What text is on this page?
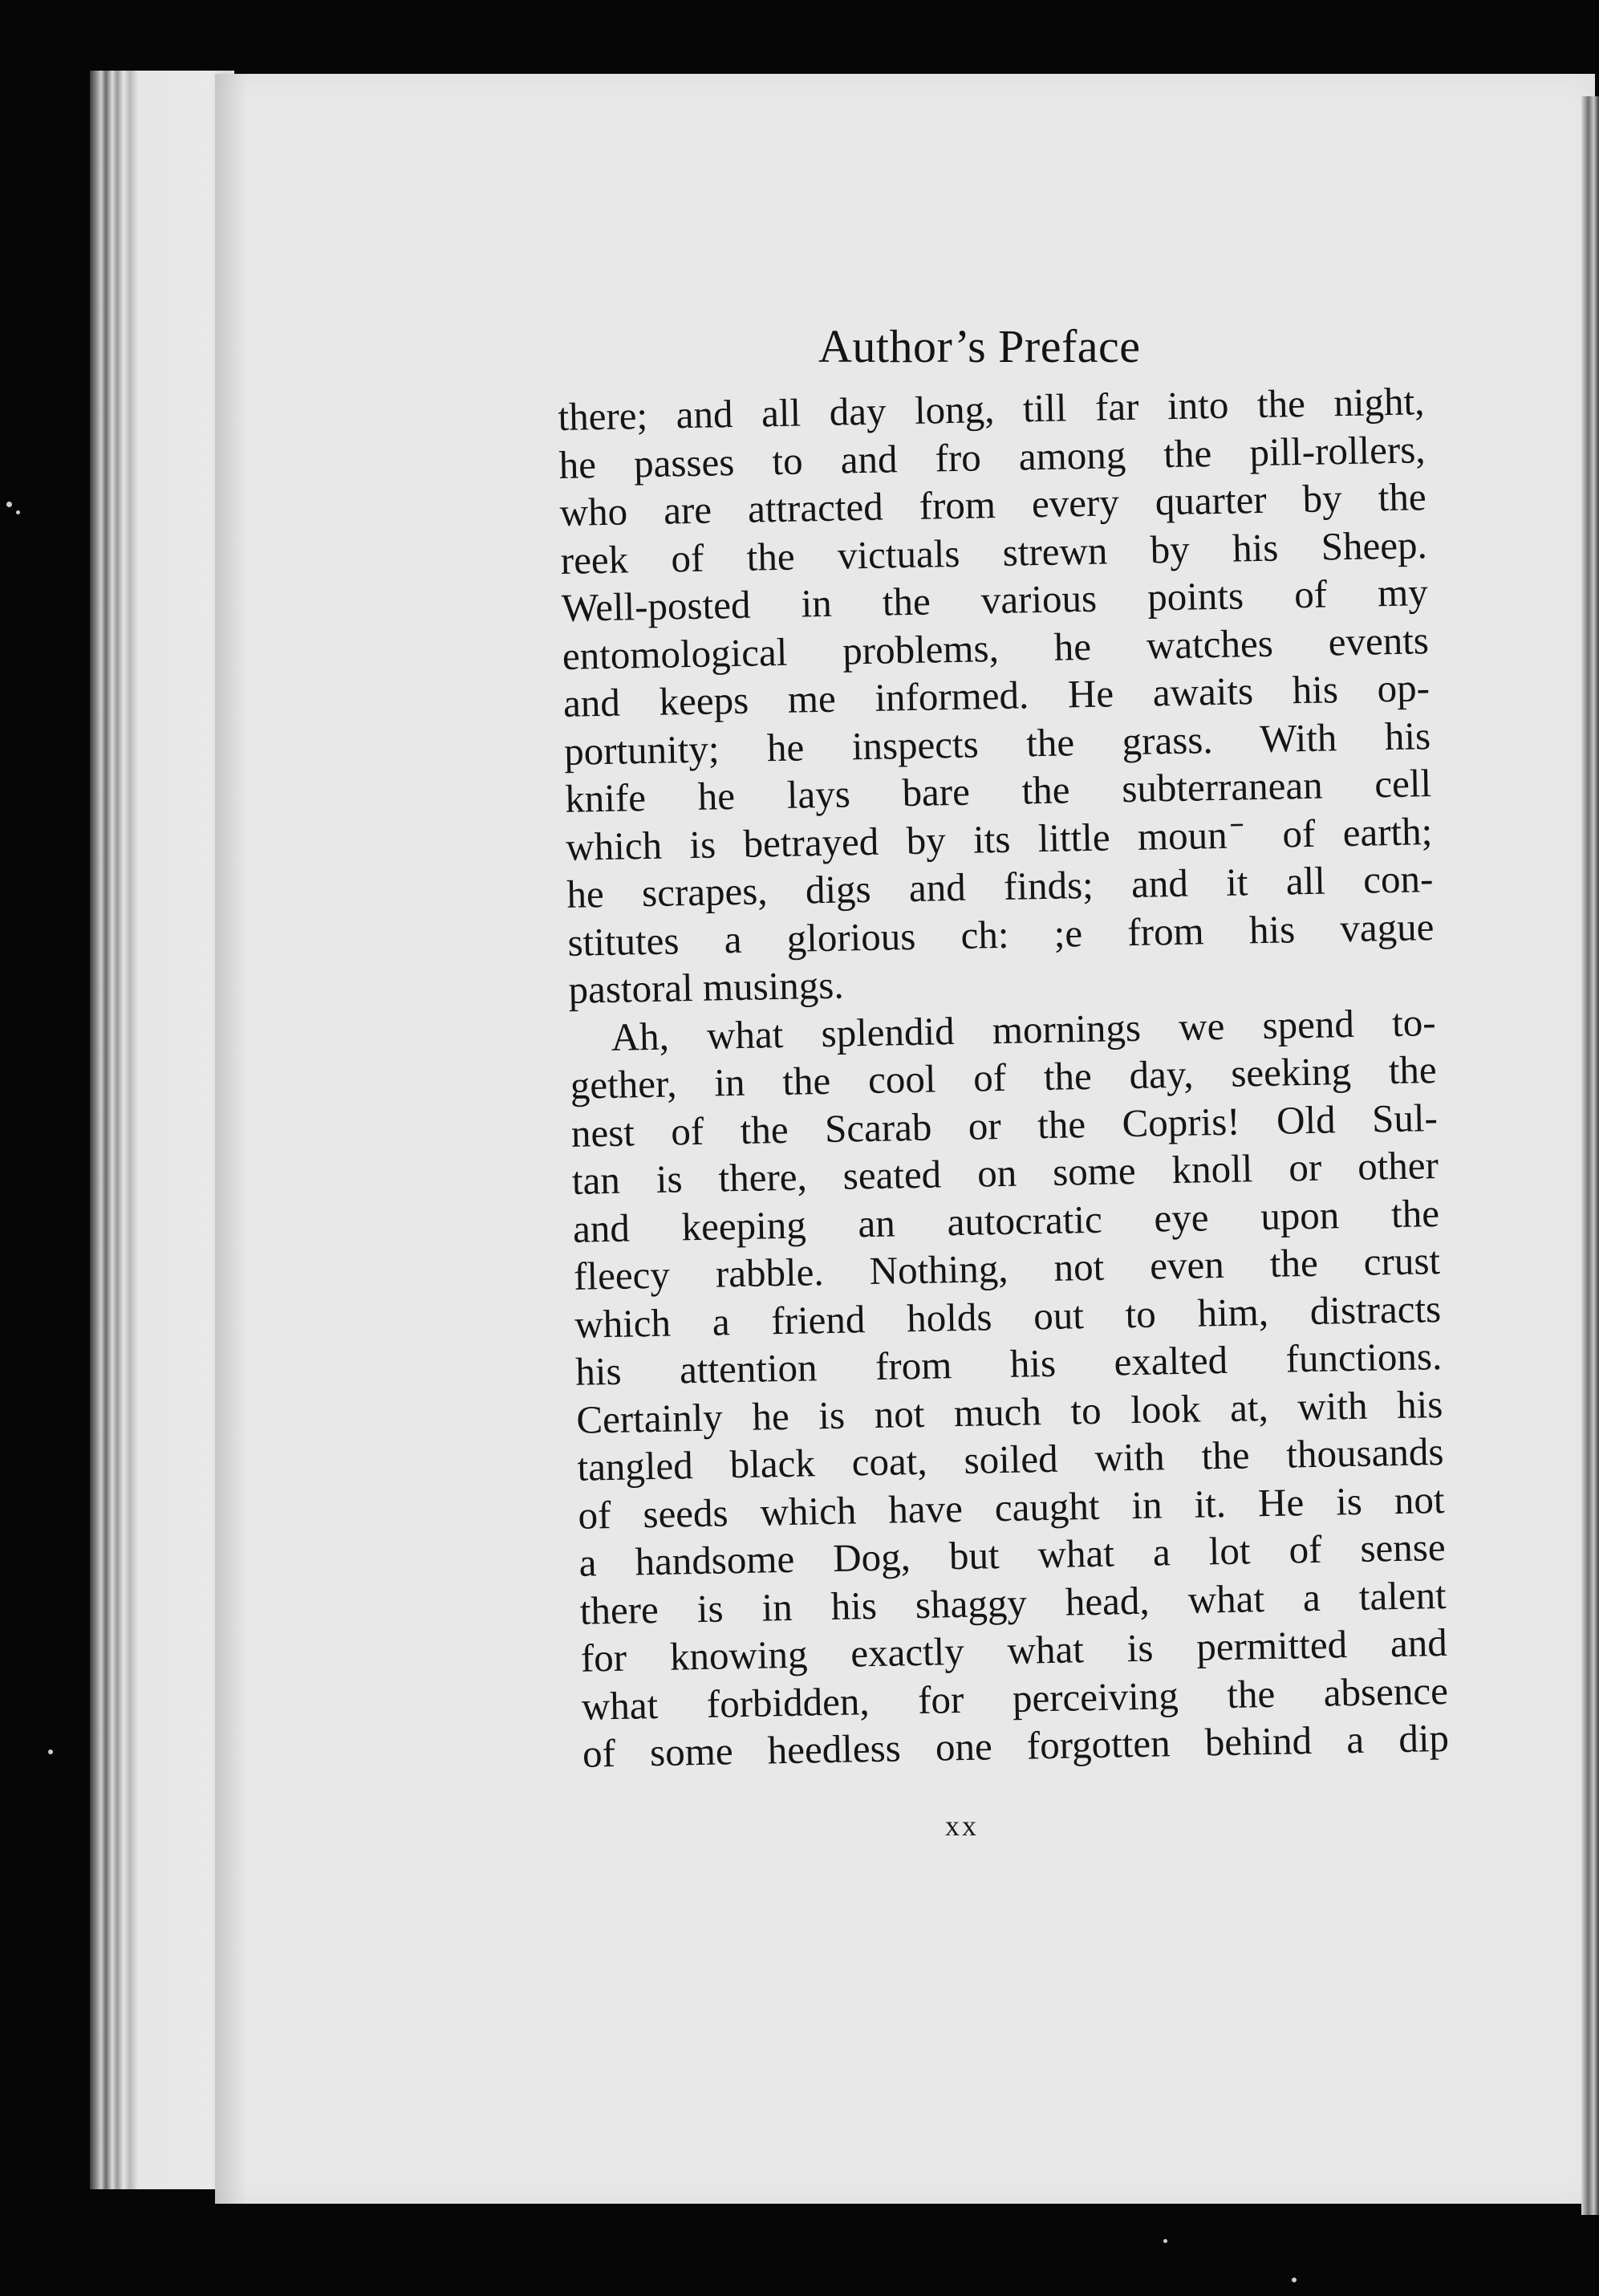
Author’s Preface
there; and all day long, till far into the night,
he passes to and fro among the pill-rollers,
who are attracted from every quarter by the
reek of the victuals strewn by his Sheep.
Well-posted in the various points of my
entomological problems, he watches events
and keeps me informed. He awaits his op-
portunity; he inspects the grass. With his
knife he lays bare the subterranean cell
which is betrayed by its little moun ̄ of earth;
he scrapes, digs and finds; and it all con-
stitutes a glorious ch: ;e from his vague
pastoral musings.
Ah, what splendid mornings we spend to-
gether, in the cool of the day, seeking the
nest of the Scarab or the Copris! Old Sul-
tan is there, seated on some knoll or other
and keeping an autocratic eye upon the
fleecy rabble. Nothing, not even the crust
which a friend holds out to him, distracts
his attention from his exalted functions.
Certainly he is not much to look at, with his
tangled black coat, soiled with the thousands
of seeds which have caught in it. He is not
a handsome Dog, but what a lot of sense
there is in his shaggy head, what a talent
for knowing exactly what is permitted and
what forbidden, for perceiving the absence
of some heedless one forgotten behind a dip
xx
